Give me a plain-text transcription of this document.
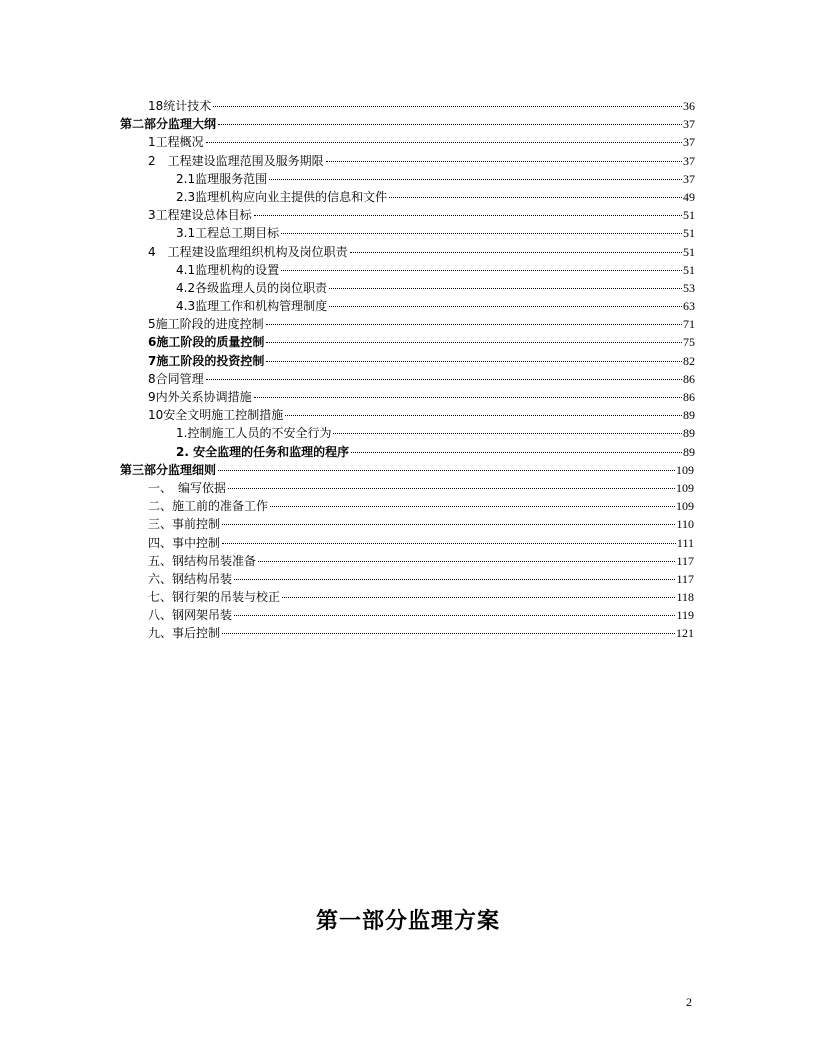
18统计技术	36
第二部分监理大纲	37
1工程概况	37
2　工程建设监理范围及服务期限	37
2.1监理服务范围	37
2.3监理机构应向业主提供的信息和文件	49
3工程建设总体目标	51
3.1工程总工期目标	51
4　工程建设监理组织机构及岗位职责	51
4.1监理机构的设置	51
4.2各级监理人员的岗位职责	53
4.3监理工作和机构管理制度	63
5施工阶段的进度控制	71
6施工阶段的质量控制	75
7施工阶段的投资控制	82
8合同管理	86
9内外关系协调措施	86
10安全文明施工控制措施	89
1.控制施工人员的不安全行为	89
2. 安全监理的任务和监理的程序	89
第三部分监理细则	109
一、　编写依据	109
二、施工前的准备工作	109
三、事前控制	110
四、事中控制	111
五、钢结构吊装准备	117
六、钢结构吊装	117
七、钢行架的吊装与校正	118
八、钢网架吊装	119
九、事后控制	121
第一部分监理方案
2
